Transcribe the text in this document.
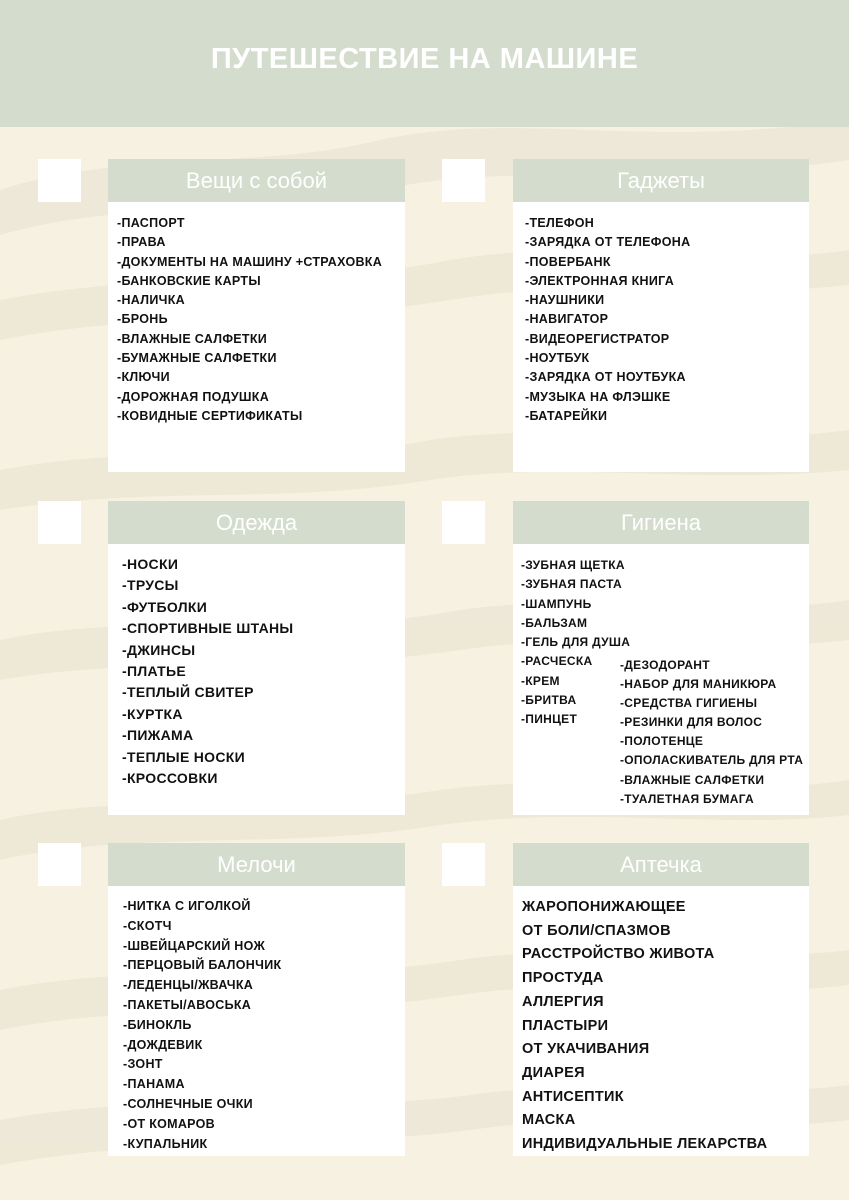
ПУТЕШЕСТВИЕ НА МАШИНЕ
Вещи с собой
-ПАСПОРТ
-ПРАВА
-ДОКУМЕНТЫ НА МАШИНУ +СТРАХОВКА
-БАНКОВСКИЕ КАРТЫ
-НАЛИЧКА
-БРОНЬ
-ВЛАЖНЫЕ САЛФЕТКИ
-БУМАЖНЫЕ САЛФЕТКИ
-КЛЮЧИ
-ДОРОЖНАЯ ПОДУШКА
-КОВИДНЫЕ СЕРТИФИКАТЫ
Гаджеты
-ТЕЛЕФОН
-ЗАРЯДКА ОТ ТЕЛЕФОНА
-ПОВЕРБАНК
-ЭЛЕКТРОННАЯ КНИГА
-НАУШНИКИ
-НАВИГАТОР
-ВИДЕОРЕГИСТРАТОР
-НОУТБУК
-ЗАРЯДКА ОТ НОУТБУКА
-МУЗЫКА НА ФЛЭШКЕ
-БАТАРЕЙКИ
Одежда
-НОСКИ
-ТРУСЫ
-ФУТБОЛКИ
-СПОРТИВНЫЕ ШТАНЫ
-ДЖИНСЫ
-ПЛАТЬЕ
-ТЕПЛЫЙ СВИТЕР
-КУРТКА
-ПИЖАМА
-ТЕПЛЫЕ НОСКИ
-КРОССОВКИ
Гигиена
-ЗУБНАЯ ЩЕТКА
-ЗУБНАЯ ПАСТА
-ШАМПУНЬ
-БАЛЬЗАМ
-ГЕЛЬ ДЛЯ ДУША
-РАСЧЕСКА
-КРЕМ
-БРИТВА
-ПИНЦЕТ
-ДЕЗОДОРАНТ
-НАБОР ДЛЯ МАНИКЮРА
-СРЕДСТВА ГИГИЕНЫ
-РЕЗИНКИ ДЛЯ ВОЛОС
-ПОЛОТЕНЦЕ
-ОПОЛАСКИВАТЕЛЬ ДЛЯ РТА
-ВЛАЖНЫЕ САЛФЕТКИ
-ТУАЛЕТНАЯ БУМАГА
Мелочи
-НИТКА С ИГОЛКОЙ
-СКОТЧ
-ШВЕЙЦАРСКИЙ НОЖ
-ПЕРЦОВЫЙ БАЛОНЧИК
-ЛЕДЕНЦЫ/ЖВАЧКА
-ПАКЕТЫ/АВОСЬКА
-БИНОКЛЬ
-ДОЖДЕВИК
-ЗОНТ
-ПАНАМА
-СОЛНЕЧНЫЕ ОЧКИ
-ОТ КОМАРОВ
-КУПАЛЬНИК
Аптечка
ЖАРОПОНИЖАЮЩЕЕ
ОТ БОЛИ/СПАЗМОВ
РАССТРОЙСТВО ЖИВОТА
ПРОСТУДА
АЛЛЕРГИЯ
ПЛАСТЫРИ
ОТ УКАЧИВАНИЯ
ДИАРЕЯ
АНТИСЕПТИК
МАСКА
ИНДИВИДУАЛЬНЫЕ ЛЕКАРСТВА
